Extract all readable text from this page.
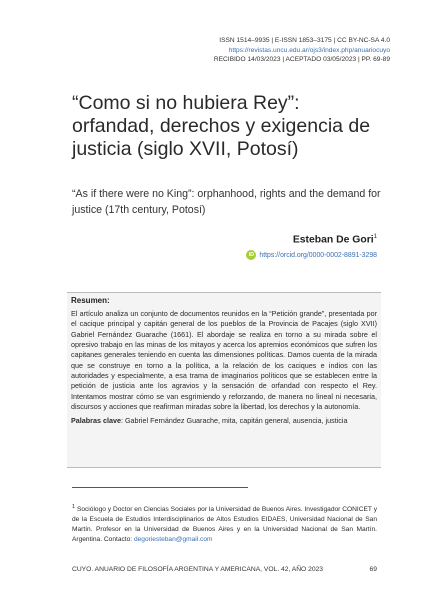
ISSN 1514–9935 | E-ISSN 1853–3175 | CC BY-NC-SA 4.0
https://revistas.uncu.edu.ar/ojs3/index.php/anuariocuyo
RECIBIDO 14/03/2023 | ACEPTADO 03/05/2023 | PP. 69-89
“Como si no hubiera Rey”: orfandad, derechos y exigencia de justicia (siglo XVII, Potosí)

“As if there were no King”: orphanhood, rights and the demand for justice (17th century, Potosí)

Esteban De Gori$^1$
iD https://orcid.org/0000-0002-8891-3298
Resumen:

El artículo analiza un conjunto de documentos reunidos en la “Petición grande”, presentada por el cacique principal y capitán general de los pueblos de la Provincia de Pacajes (siglo XVII) Gabriel Fernández Guarache (1661). El abordaje se realiza en torno a su mirada sobre el opresivo trabajo en las minas de los mitayos y acerca los apremios económicos que sufren los capitanes generales teniendo en cuenta las dimensiones políticas. Damos cuenta de la mirada que se construye en torno a la política, a la relación de los caciques e indios con las autoridades y especialmente, a esa trama de imaginarios políticos que se establecen entre la petición de justicia ante los agravios y la sensación de orfandad con respecto el Rey. Intentamos mostrar cómo se van esgrimiendo y reforzando, de manera no lineal ni necesaria, discursos y acciones que reafirman miradas sobre la libertad, los derechos y la autonomía.

Palabras clave: Gabriel Fernández Guarache, mita, capitán general, ausencia, justicia

$^1$ Sociólogo y Doctor en Ciencias Sociales por la Universidad de Buenos Aires. Investigador CONICET y de la Escuela de Estudios Interdisciplinarios de Altos Estudios EIDAES, Universidad Nacional de San Martín. Profesor en la Universidad de Buenos Aires y en la Universidad Nacional de San Martín. Argentina. Contacto: degoriesteban@gmail.com

CUYO. ANUARIO DE FILOSOFÍA ARGENTINA Y AMERICANA, VOL. 42, AÑO 2023	69
